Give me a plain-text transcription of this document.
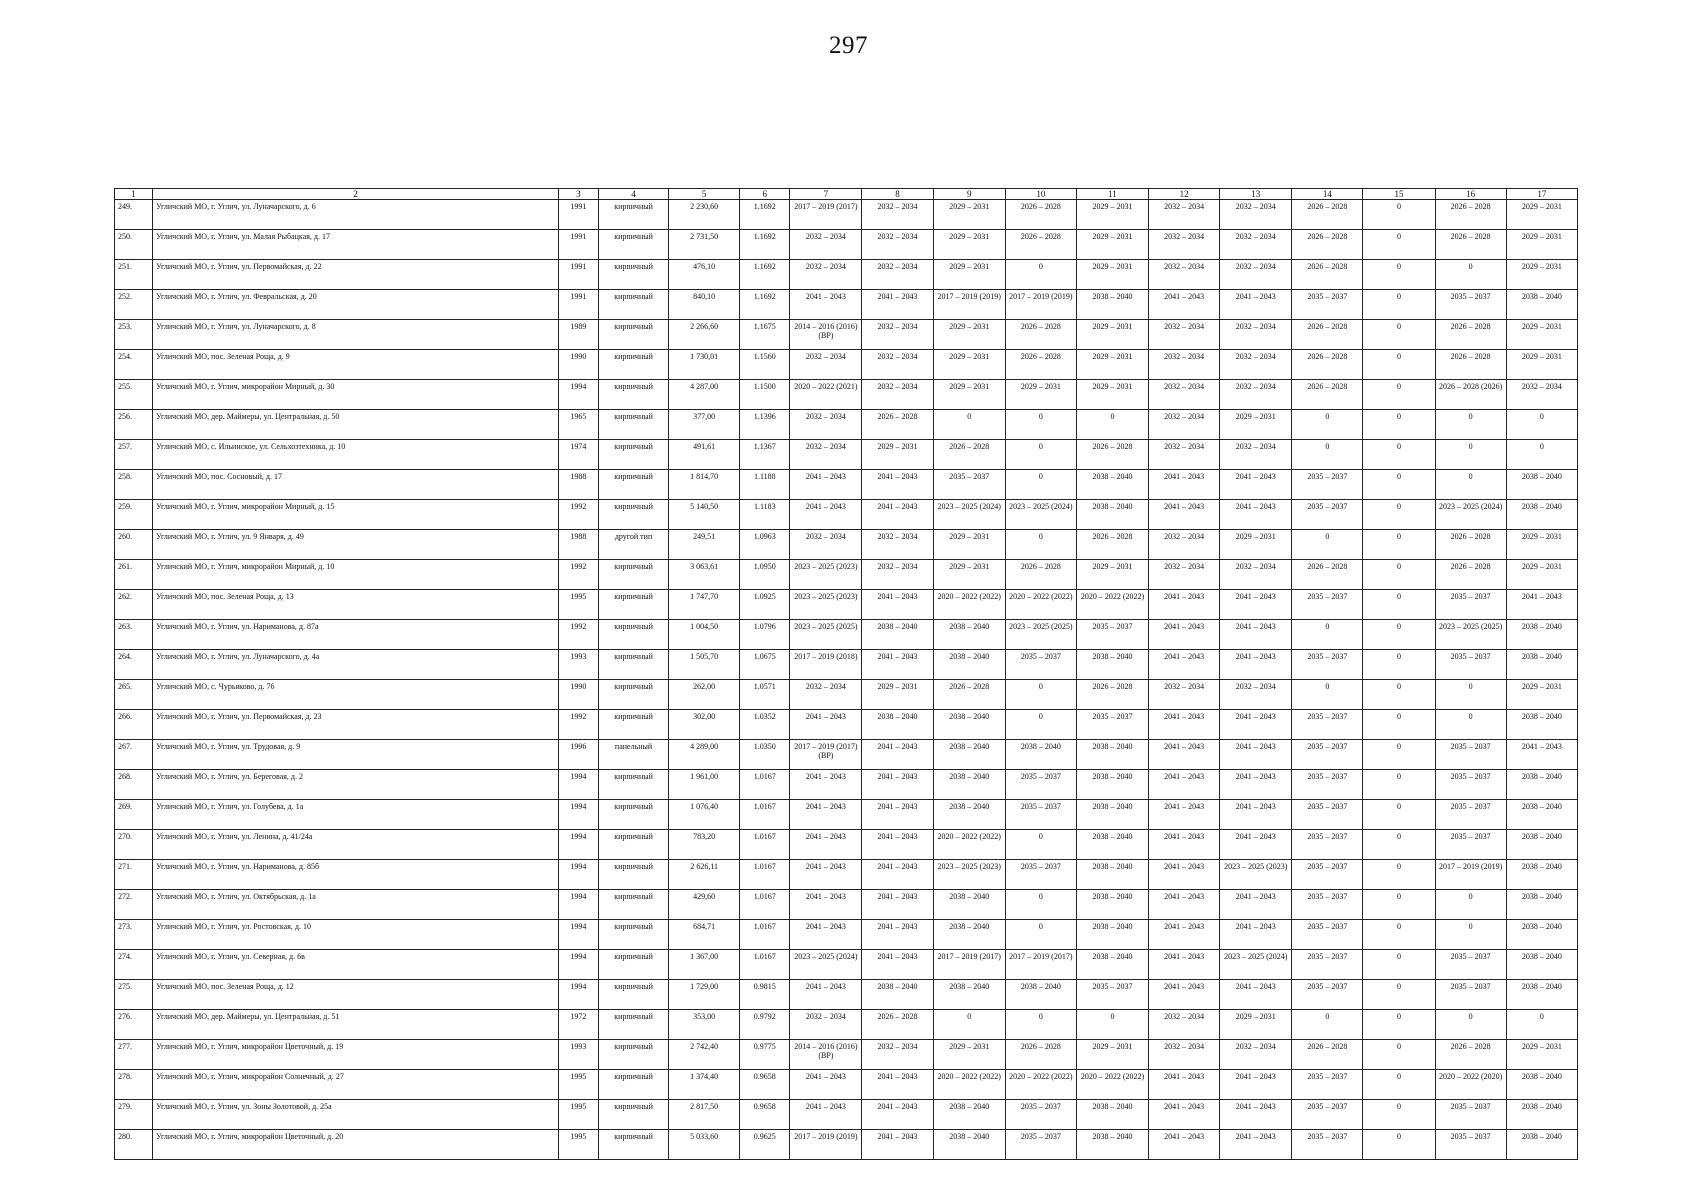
297
1	2	3	4	5	6	7	8	9	10	11	12	13	14	15	16	17
249.	Угличский МО, г. Углич, ул. Луначарского, д. 6	1991	кирпичный	2 230,60	1.1692	2017 – 2019 (2017)	2032 – 2034	2029 – 2031	2026 – 2028	2029 – 2031	2032 – 2034	2032 – 2034	2026 – 2028	0	2026 – 2028	2029 – 2031
250.	Угличский МО, г. Углич, ул. Малая Рыбацкая, д. 17	1991	кирпичный	2 731,50	1.1692	2032 – 2034	2032 – 2034	2029 – 2031	2026 – 2028	2029 – 2031	2032 – 2034	2032 – 2034	2026 – 2028	0	2026 – 2028	2029 – 2031
251.	Угличский МО, г. Углич, ул. Первомайская, д. 22	1991	кирпичный	476,10	1.1692	2032 – 2034	2032 – 2034	2029 – 2031	0	2029 – 2031	2032 – 2034	2032 – 2034	2026 – 2028	0	0	2029 – 2031
252.	Угличский МО, г. Углич, ул. Февральская, д. 20	1991	кирпичный	840,10	1.1692	2041 – 2043	2041 – 2043	2017 – 2019 (2019)	2017 – 2019 (2019)	2038 – 2040	2041 – 2043	2041 – 2043	2035 – 2037	0	2035 – 2037	2038 – 2040
253.	Угличский МО, г. Углич, ул. Луначарского, д. 8	1989	кирпичный	2 266,60	1.1675	2014 – 2016 (2016) (ВР)	2032 – 2034	2029 – 2031	2026 – 2028	2029 – 2031	2032 – 2034	2032 – 2034	2026 – 2028	0	2026 – 2028	2029 – 2031
254.	Угличский МО, пос. Зеленая Роща, д. 9	1990	кирпичный	1 730,01	1.1560	2032 – 2034	2032 – 2034	2029 – 2031	2026 – 2028	2029 – 2031	2032 – 2034	2032 – 2034	2026 – 2028	0	2026 – 2028	2029 – 2031
255.	Угличский МО, г. Углич, микрорайон Мирный, д. 30	1994	кирпичный	4 287,00	1.1500	2020 – 2022 (2021)	2032 – 2034	2029 – 2031	2029 – 2031	2029 – 2031	2032 – 2034	2032 – 2034	2026 – 2028	0	2026 – 2028 (2026)	2032 – 2034
256.	Угличский МО, дер. Маймеры, ул. Центральная, д. 50	1965	кирпичный	377,00	1.1396	2032 – 2034	2026 – 2028	0	0	0	2032 – 2034	2029 – 2031	0	0	0	0
257.	Угличский МО, с. Ильинское, ул. Сельхозтехника, д. 10	1974	кирпичный	491,61	1.1367	2032 – 2034	2029 – 2031	2026 – 2028	0	2026 – 2028	2032 – 2034	2032 – 2034	0	0	0	0
258.	Угличский МО, пос. Сосновый, д. 17	1988	кирпичный	1 814,70	1.1188	2041 – 2043	2041 – 2043	2035 – 2037	0	2038 – 2040	2041 – 2043	2041 – 2043	2035 – 2037	0	0	2038 – 2040
259.	Угличский МО, г. Углич, микрорайон Мирный, д. 15	1992	кирпичный	5 140,50	1.1183	2041 – 2043	2041 – 2043	2023 – 2025 (2024)	2023 – 2025 (2024)	2038 – 2040	2041 – 2043	2041 – 2043	2035 – 2037	0	2023 – 2025 (2024)	2038 – 2040
260.	Угличский МО, г. Углич, ул. 9 Января, д. 49	1988	другой тип	249,51	1.0963	2032 – 2034	2032 – 2034	2029 – 2031	0	2026 – 2028	2032 – 2034	2029 – 2031	0	0	2026 – 2028	2029 – 2031
261.	Угличский МО, г. Углич, микрорайон Мирный, д. 10	1992	кирпичный	3 063,61	1.0950	2023 – 2025 (2023)	2032 – 2034	2029 – 2031	2026 – 2028	2029 – 2031	2032 – 2034	2032 – 2034	2026 – 2028	0	2026 – 2028	2029 – 2031
262.	Угличский МО, пос. Зеленая Роща, д. 13	1995	кирпичный	1 747,70	1.0925	2023 – 2025 (2023)	2041 – 2043	2020 – 2022 (2022)	2020 – 2022 (2022)	2020 – 2022 (2022)	2041 – 2043	2041 – 2043	2035 – 2037	0	2035 – 2037	2041 – 2043
263.	Угличский МО, г. Углич, ул. Нариманова, д. 87а	1992	кирпичный	1 004,50	1.0796	2023 – 2025 (2025)	2038 – 2040	2038 – 2040	2023 – 2025 (2025)	2035 – 2037	2041 – 2043	2041 – 2043	0	0	2023 – 2025 (2025)	2038 – 2040
264.	Угличский МО, г. Углич, ул. Луначарского, д. 4а	1993	кирпичный	1 505,70	1.0675	2017 – 2019 (2018)	2041 – 2043	2038 – 2040	2035 – 2037	2038 – 2040	2041 – 2043	2041 – 2043	2035 – 2037	0	2035 – 2037	2038 – 2040
265.	Угличский МО, с. Чурьяково, д. 76	1990	кирпичный	262,00	1.0571	2032 – 2034	2029 – 2031	2026 – 2028	0	2026 – 2028	2032 – 2034	2032 – 2034	0	0	0	2029 – 2031
266.	Угличский МО, г. Углич, ул. Первомайская, д. 23	1992	кирпичный	302,00	1.0352	2041 – 2043	2038 – 2040	2038 – 2040	0	2035 – 2037	2041 – 2043	2041 – 2043	2035 – 2037	0	0	2038 – 2040
267.	Угличский МО, г. Углич, ул. Трудовая, д. 9	1996	панельный	4 289,00	1.0350	2017 – 2019 (2017) (ВР)	2041 – 2043	2038 – 2040	2038 – 2040	2038 – 2040	2041 – 2043	2041 – 2043	2035 – 2037	0	2035 – 2037	2041 – 2043
268.	Угличский МО, г. Углич, ул. Береговая, д. 2	1994	кирпичный	1 961,00	1.0167	2041 – 2043	2041 – 2043	2038 – 2040	2035 – 2037	2038 – 2040	2041 – 2043	2041 – 2043	2035 – 2037	0	2035 – 2037	2038 – 2040
269.	Угличский МО, г. Углич, ул. Голубева, д. 1а	1994	кирпичный	1 076,40	1.0167	2041 – 2043	2041 – 2043	2038 – 2040	2035 – 2037	2038 – 2040	2041 – 2043	2041 – 2043	2035 – 2037	0	2035 – 2037	2038 – 2040
270.	Угличский МО, г. Углич, ул. Ленина, д. 41/24а	1994	кирпичный	783,20	1.0167	2041 – 2043	2041 – 2043	2020 – 2022 (2022)	0	2038 – 2040	2041 – 2043	2041 – 2043	2035 – 2037	0	2035 – 2037	2038 – 2040
271.	Угличский МО, г. Углич, ул. Нариманова, д. 85б	1994	кирпичный	2 626,11	1.0167	2041 – 2043	2041 – 2043	2023 – 2025 (2023)	2035 – 2037	2038 – 2040	2041 – 2043	2023 – 2025 (2023)	2035 – 2037	0	2017 – 2019 (2019)	2038 – 2040
272.	Угличский МО, г. Углич, ул. Октябрьская, д. 1а	1994	кирпичный	429,60	1.0167	2041 – 2043	2041 – 2043	2038 – 2040	0	2038 – 2040	2041 – 2043	2041 – 2043	2035 – 2037	0	0	2038 – 2040
273.	Угличский МО, г. Углич, ул. Ростовская, д. 10	1994	кирпичный	684,71	1.0167	2041 – 2043	2041 – 2043	2038 – 2040	0	2038 – 2040	2041 – 2043	2041 – 2043	2035 – 2037	0	0	2038 – 2040
274.	Угличский МО, г. Углич, ул. Северная, д. 6в	1994	кирпичный	1 367,00	1.0167	2023 – 2025 (2024)	2041 – 2043	2017 – 2019 (2017)	2017 – 2019 (2017)	2038 – 2040	2041 – 2043	2023 – 2025 (2024)	2035 – 2037	0	2035 – 2037	2038 – 2040
275.	Угличский МО, пос. Зеленая Роща, д. 12	1994	кирпичный	1 729,00	0.9815	2041 – 2043	2038 – 2040	2038 – 2040	2038 – 2040	2035 – 2037	2041 – 2043	2041 – 2043	2035 – 2037	0	2035 – 2037	2038 – 2040
276.	Угличский МО, дер. Маймеры, ул. Центральная, д. 51	1972	кирпичный	353,00	0.9792	2032 – 2034	2026 – 2028	0	0	0	2032 – 2034	2029 – 2031	0	0	0	0
277.	Угличский МО, г. Углич, микрорайон Цветочный, д. 19	1993	кирпичный	2 742,40	0.9775	2014 – 2016 (2016) (ВР)	2032 – 2034	2029 – 2031	2026 – 2028	2029 – 2031	2032 – 2034	2032 – 2034	2026 – 2028	0	2026 – 2028	2029 – 2031
278.	Угличский МО, г. Углич, микрорайон Солнечный, д. 27	1995	кирпичный	1 374,40	0.9658	2041 – 2043	2041 – 2043	2020 – 2022 (2022)	2020 – 2022 (2022)	2020 – 2022 (2022)	2041 – 2043	2041 – 2043	2035 – 2037	0	2020 – 2022 (2020)	2038 – 2040
279.	Угличский МО, г. Углич, ул. Зоны Золотовой, д. 25а	1995	кирпичный	2 817,50	0.9658	2041 – 2043	2041 – 2043	2038 – 2040	2035 – 2037	2038 – 2040	2041 – 2043	2041 – 2043	2035 – 2037	0	2035 – 2037	2038 – 2040
280.	Угличский МО, г. Углич, микрорайон Цветочный, д. 20	1995	кирпичный	5 033,60	0.9625	2017 – 2019 (2019)	2041 – 2043	2038 – 2040	2035 – 2037	2038 – 2040	2041 – 2043	2041 – 2043	2035 – 2037	0	2035 – 2037	2038 – 2040
